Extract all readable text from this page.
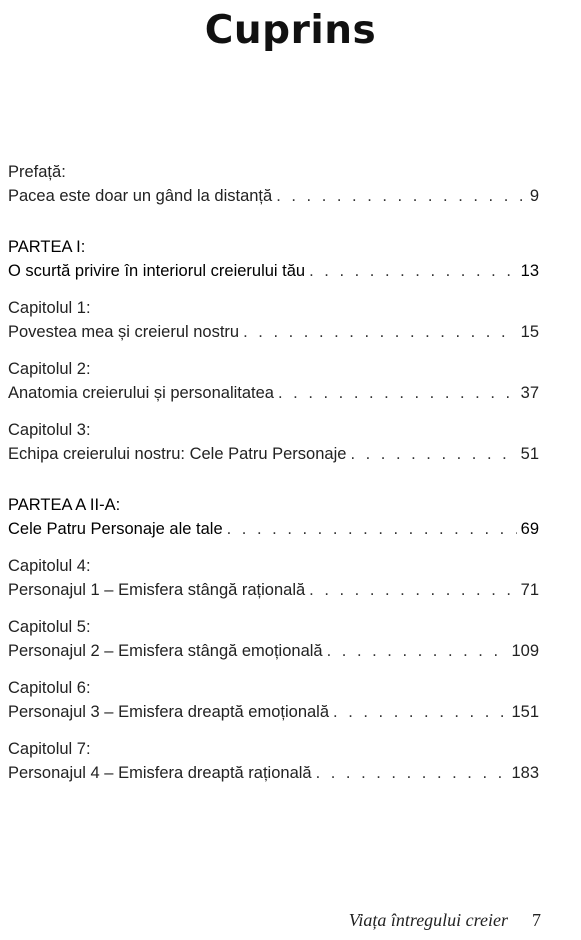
Cuprins
Prefață:
Pacea este doar un gând la distanță . . .	9
PARTEA I:
O scurtă privire în interiorul creierului tău . . .	13
Capitolul 1:
Povestea mea și creierul nostru . . .	15
Capitolul 2:
Anatomia creierului și personalitatea . . .	37
Capitolul 3:
Echipa creierului nostru: Cele Patru Personaje . . .	51
PARTEA A II-A:
Cele Patru Personaje ale tale . . .	69
Capitolul 4:
Personajul 1 – Emisfera stângă rațională . . .	71
Capitolul 5:
Personajul 2 – Emisfera stângă emoțională . . .	109
Capitolul 6:
Personajul 3 – Emisfera dreaptă emoțională . . .	151
Capitolul 7:
Personajul 4 – Emisfera dreaptă rațională . . .	183
Viața întregului creier 7
